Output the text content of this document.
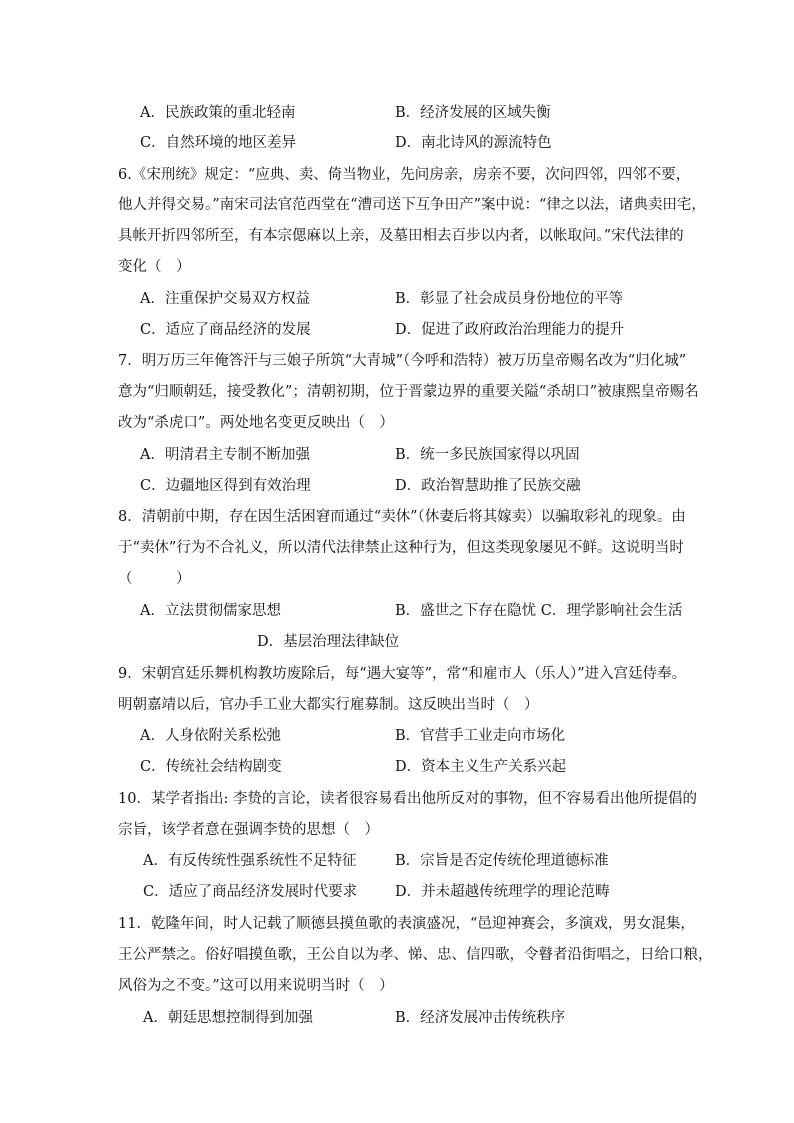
A．民族政策的重北轻南	B．经济发展的区域失衡
C．自然环境的地区差异	D．南北诗风的源流特色
6.《宋刑统》规定：“应典、卖、倚当物业，先问房亲，房亲不要，次问四邻，四邻不要，
他人并得交易。”南宋司法官范西堂在“漕司送下互争田产”案中说：“律之以法，诸典卖田宅，
具帐开折四邻所至，有本宗偲麻以上亲，及墓田相去百步以内者，以帐取问。”宋代法律的
变化（　）
A．注重保护交易双方权益	B．彰显了社会成员身份地位的平等
C．适应了商品经济的发展	D．促进了政府政治治理能力的提升
7．明万历三年俺答汗与三娘子所筑“大青城”（今呼和浩特）被万历皇帝赐名改为“归化城”
意为“归顺朝廷，接受教化”；清朝初期，位于晋蒙边界的重要关隘“杀胡口”被康熙皇帝赐名
改为“杀虎口”。两处地名变更反映出（　）
A．明清君主专制不断加强	B．统一多民族国家得以巩固
C．边疆地区得到有效治理	D．政治智慧助推了民族交融
8．清朝前中期，存在因生活困窘而通过“卖休”（休妻后将其嫁卖）以骗取彩礼的现象。由
于“卖休”行为不合礼义，所以清代法律禁止这种行为，但这类现象屡见不鲜。这说明当时
（　　　）
A．立法贯彻儒家思想	B．盛世之下存在隐忧 C．理学影响社会生活
D．基层治理法律缺位
9．宋朝宫廷乐舞机构教坊废除后，每“遇大宴等”，常“和雇市人（乐人）”进入宫廷侍奉。
明朝嘉靖以后，官办手工业大都实行雇募制。这反映出当时（　）
A．人身依附关系松弛	B．官营手工业走向市场化
C．传统社会结构剧变	D．资本主义生产关系兴起
10．某学者指出: 李贽的言论，读者很容易看出他所反对的事物，但不容易看出他所提倡的
宗旨，该学者意在强调李贽的思想（　）
A．有反传统性强系统性不足特征	B．宗旨是否定传统伦理道德标准
C．适应了商品经济发展时代要求	D．并未超越传统理学的理论范畴
11．乾隆年间，时人记载了顺德县摸鱼歌的表演盛况，“邑迎神赛会，多演戏，男女混集，
王公严禁之。俗好唱摸鱼歌，王公自以为孝、悌、忠、信四歌，令瞽者沿街唱之，日给口粮，
风俗为之不变。”这可以用来说明当时（　）
A．朝廷思想控制得到加强	B．经济发展冲击传统秩序
